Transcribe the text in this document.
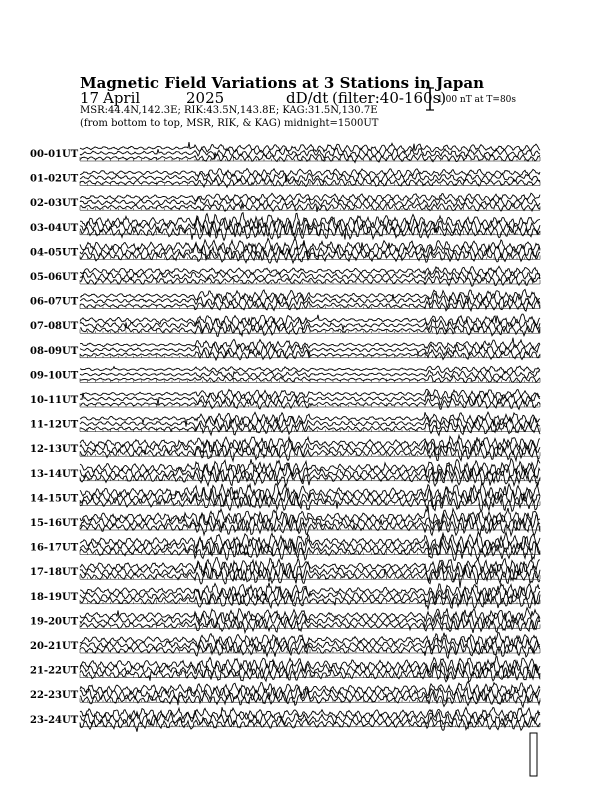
Magnetic Field Variations at 3 Stations in Japan
17 April	2025	dD/dt (filter:40-160s)
MSR:44.4N,142.3E; RIK:43.5N,143.8E; KAG:31.5N,130.7E
(from bottom to top, MSR, RIK, & KAG) midnight=1500UT
1.00 nT at T=80s
00-01UT
01-02UT
02-03UT
03-04UT
04-05UT
05-06UT
06-07UT
07-08UT
08-09UT
09-10UT
10-11UT
11-12UT
12-13UT
13-14UT
14-15UT
15-16UT
16-17UT
17-18UT
18-19UT
19-20UT
20-21UT
21-22UT
22-23UT
23-24UT
